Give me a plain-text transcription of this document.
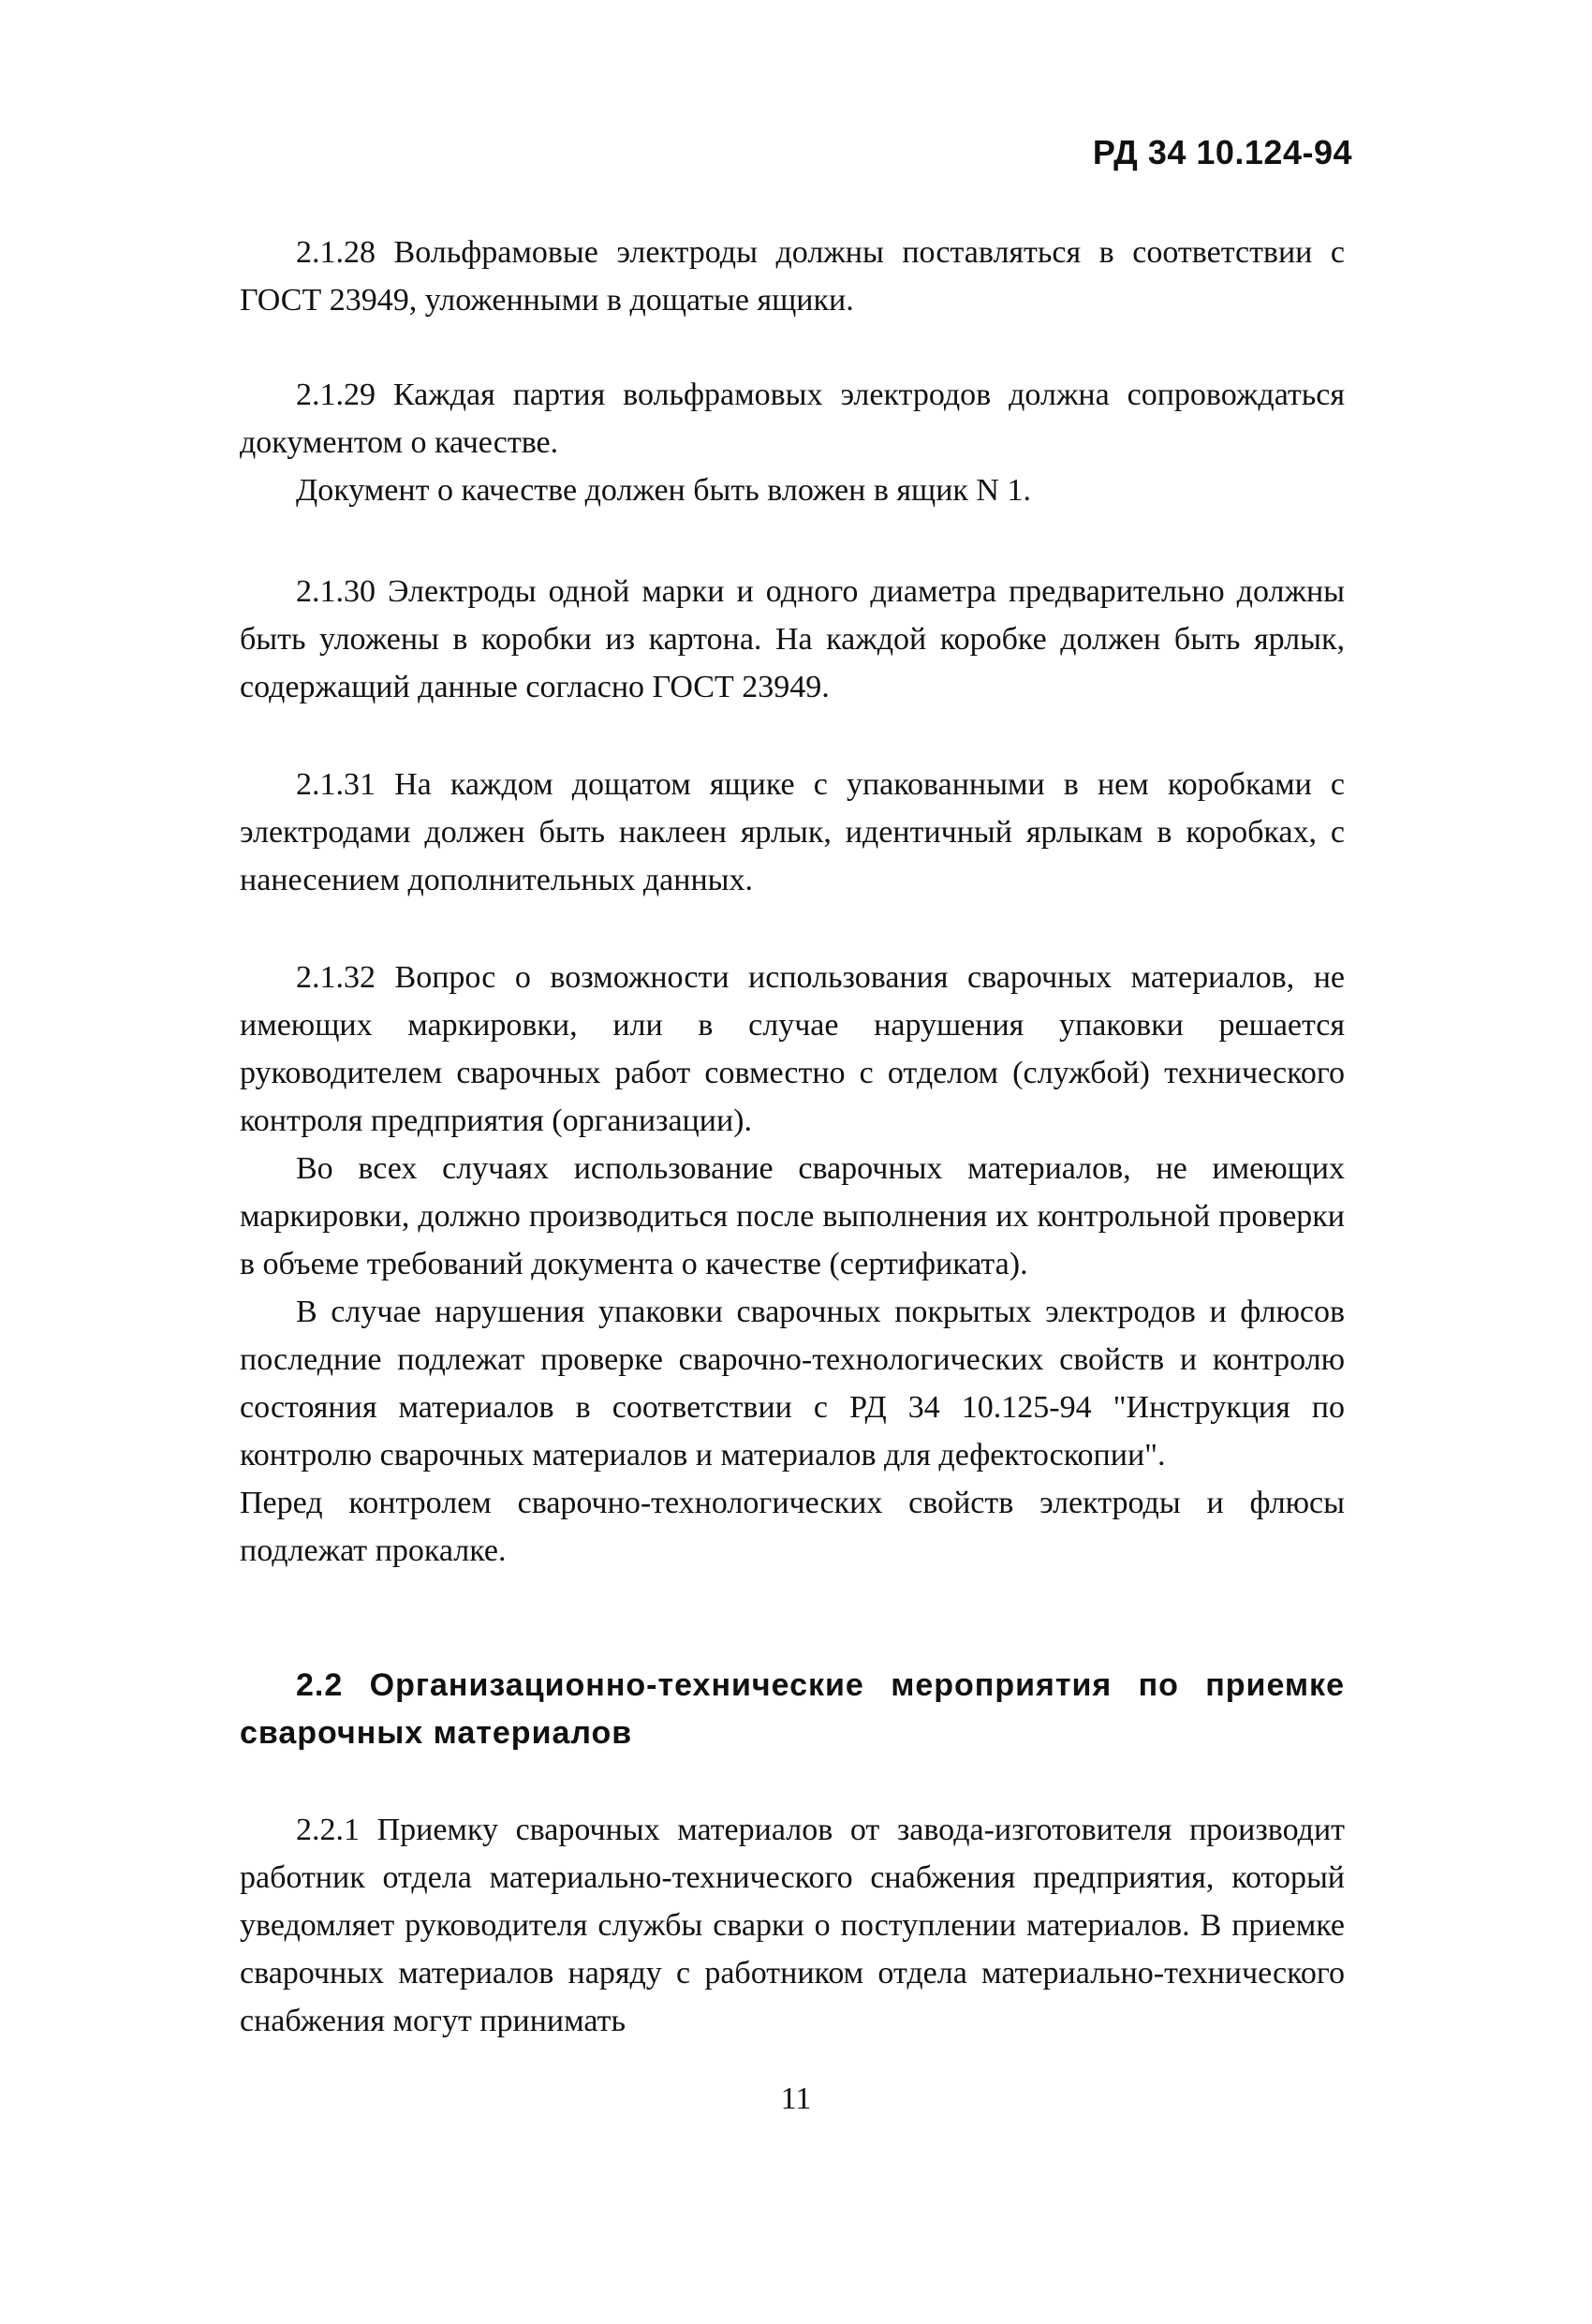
РД 34 10.124-94

2.1.28 Вольфрамовые электроды должны поставляться в соответствии с ГОСТ 23949, уложенными в дощатые ящики.

2.1.29 Каждая партия вольфрамовых электродов должна сопровождаться документом о качестве.

Документ о качестве должен быть вложен в ящик N 1.

2.1.30 Электроды одной марки и одного диаметра предварительно должны быть уложены в коробки из картона. На каждой коробке должен быть ярлык, содержащий данные согласно ГОСТ 23949.

2.1.31 На каждом дощатом ящике с упакованными в нем коробками с электродами должен быть наклеен ярлык, идентичный ярлыкам в коробках, с нанесением дополнительных данных.

2.1.32 Вопрос о возможности использования сварочных материалов, не имеющих маркировки, или в случае нарушения упаковки решается руководителем сварочных работ совместно с отделом (службой) технического контроля предприятия (организации).

Во всех случаях использование сварочных материалов, не имеющих маркировки, должно производиться после выполнения их контрольной проверки в объеме требований документа о качестве (сертификата).

В случае нарушения упаковки сварочных покрытых электродов и флюсов последние подлежат проверке сварочно-технологических свойств и контролю состояния материалов в соответствии с РД 34 10.125-94 "Инструкция по контролю сварочных материалов и материалов для дефектоскопии".

Перед контролем сварочно-технологических свойств электроды и флюсы подлежат прокалке.

2.2 Организационно-технические мероприятия по приемке сварочных материалов

2.2.1 Приемку сварочных материалов от завода-изготовителя производит работник отдела материально-технического снабжения предприятия, который уведомляет руководителя службы сварки о поступлении материалов. В приемке сварочных материалов наряду с работником отдела материально-технического снабжения могут принимать

11
